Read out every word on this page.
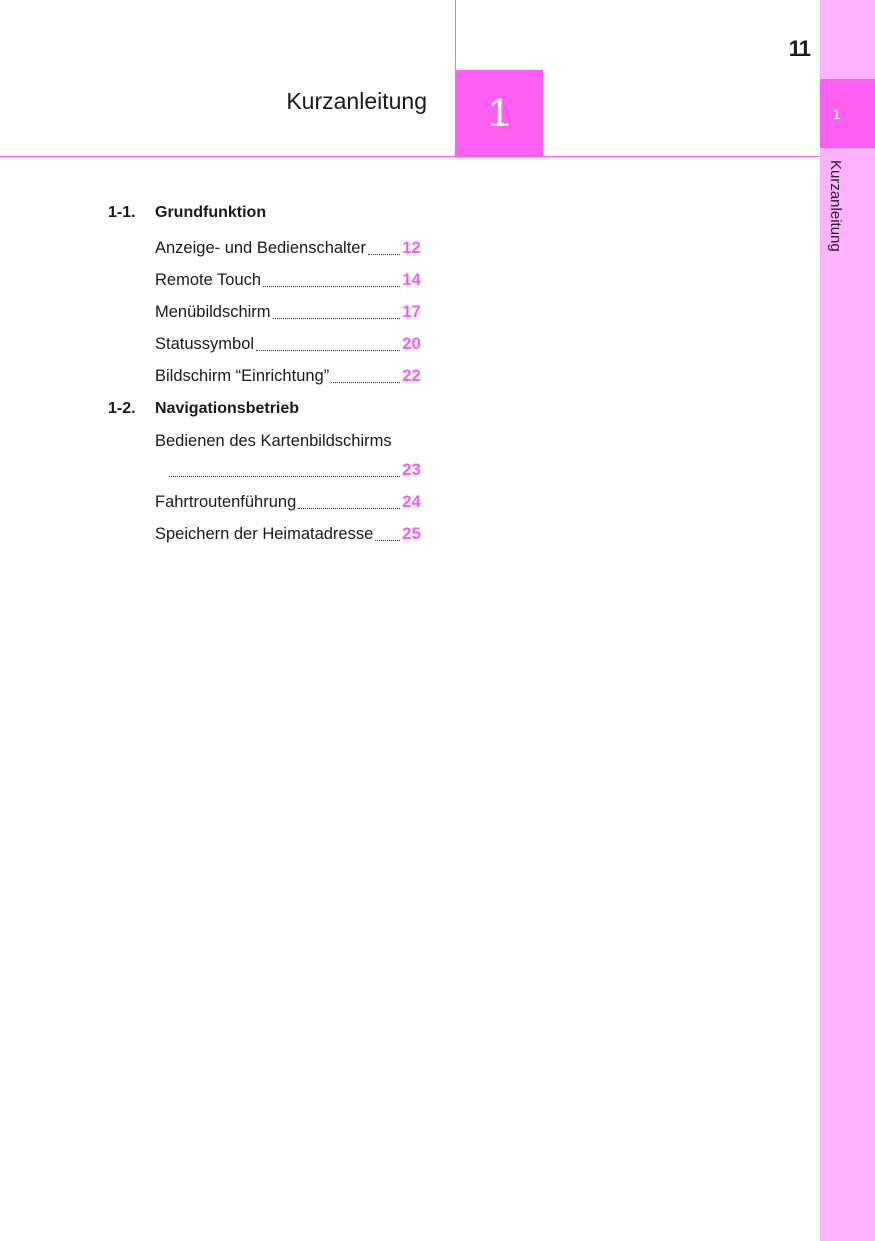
1
Kurzanleitung
11
Kurzanleitung	1
1-1.	Grundfunktion
Anzeige- und Bedienschalter 12
Remote Touch	14
Menübildschirm	17
Statussymbol	20
Bildschirm “Einrichtung”	22
1-2.	Navigationsbetrieb
Bedienen des Kartenbildschirms
23
Fahrtroutenführung	24
Speichern der Heimatadresse 25
